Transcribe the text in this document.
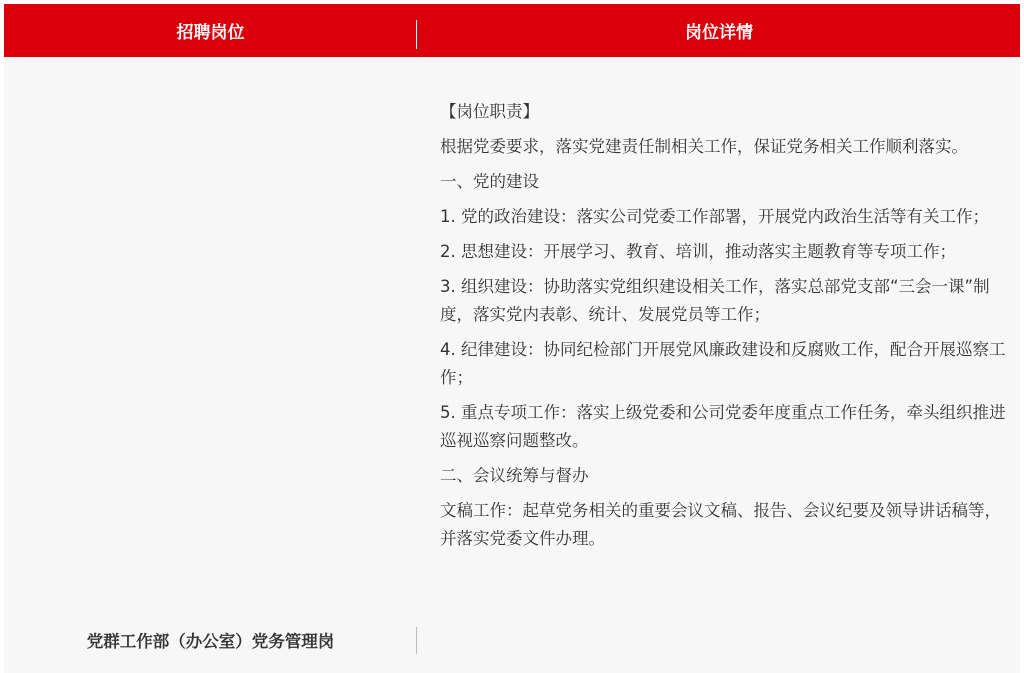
招聘岗位	岗位详情
党群工作部（办公室）党务管理岗

【岗位职责】

根据党委要求，落实党建责任制相关工作，保证党务相关工作顺利落实。

一、党的建设

1. 党的政治建设：落实公司党委工作部署，开展党内政治生活等有关工作；

2. 思想建设：开展学习、教育、培训，推动落实主题教育等专项工作；

3. 组织建设：协助落实党组织建设相关工作，落实总部党支部“三会一课”制度，落实党内表彰、统计、发展党员等工作；

4. 纪律建设：协同纪检部门开展党风廉政建设和反腐败工作，配合开展巡察工作；

5. 重点专项工作：落实上级党委和公司党委年度重点工作任务，牵头组织推进巡视巡察问题整改。

二、会议统筹与督办

文稿工作：起草党务相关的重要会议文稿、报告、会议纪要及领导讲话稿等，并落实党委文件办理。
